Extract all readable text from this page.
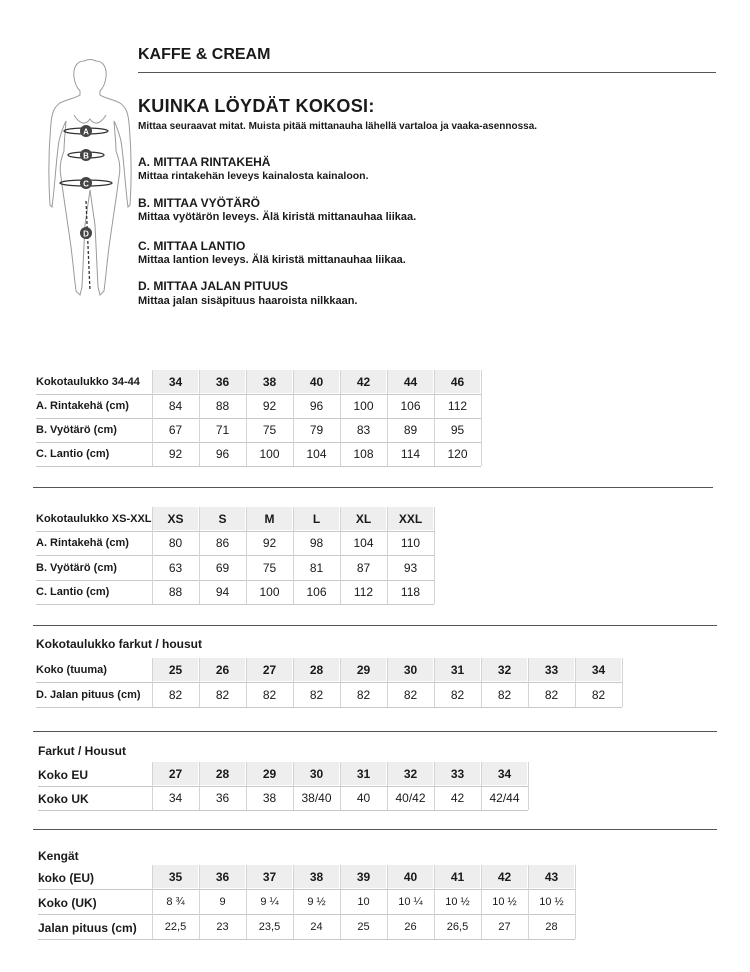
KAFFE & CREAM
A
B
C
D
KUINKA LÖYDÄT KOKOSI:
Mittaa seuraavat mitat. Muista pitää mittanauha lähellä vartaloa ja vaaka-asennossa.
A. MITTAA RINTAKEHÄ
Mittaa rintakehän leveys kainalosta kainaloon.
B. MITTAA VYÖTÄRÖ
Mittaa vyötärön leveys. Älä kiristä mittanauhaa liikaa.
C. MITTAA LANTIO
Mittaa lantion leveys. Älä kiristä mittanauhaa liikaa.
D. MITTAA JALAN PITUUS
Mittaa jalan sisäpituus haaroista nilkkaan.
Kokotaulukko 34-44	34	36	38	40	42	44	46
A. Rintakehä (cm)	84	88	92	96	100	106	112
B. Vyötärö (cm)	67	71	75	79	83	89	95
C. Lantio (cm)	92	96	100	104	108	114	120
Kokotaulukko XS-XXL	XS	S	M	L	XL	XXL
A. Rintakehä (cm)	80	86	92	98	104	110
B. Vyötärö (cm)	63	69	75	81	87	93
C. Lantio (cm)	88	94	100	106	112	118
Kokotaulukko farkut / housut
Koko (tuuma)	25	26	27	28	29	30	31	32	33	34
D. Jalan pituus (cm)	82	82	82	82	82	82	82	82	82	82
Farkut / Housut
Koko EU	27	28	29	30	31	32	33	34
Koko UK	34	36	38	38/40	40	40/42	42	42/44
Kengät
koko (EU)	35	36	37	38	39	40	41	42	43
Koko (UK)	8 ¾	9	9 ¼	9 ½	10	10 ¼	10 ½	10 ½	10 ½
Jalan pituus (cm)	22,5	23	23,5	24	25	26	26,5	27	28
